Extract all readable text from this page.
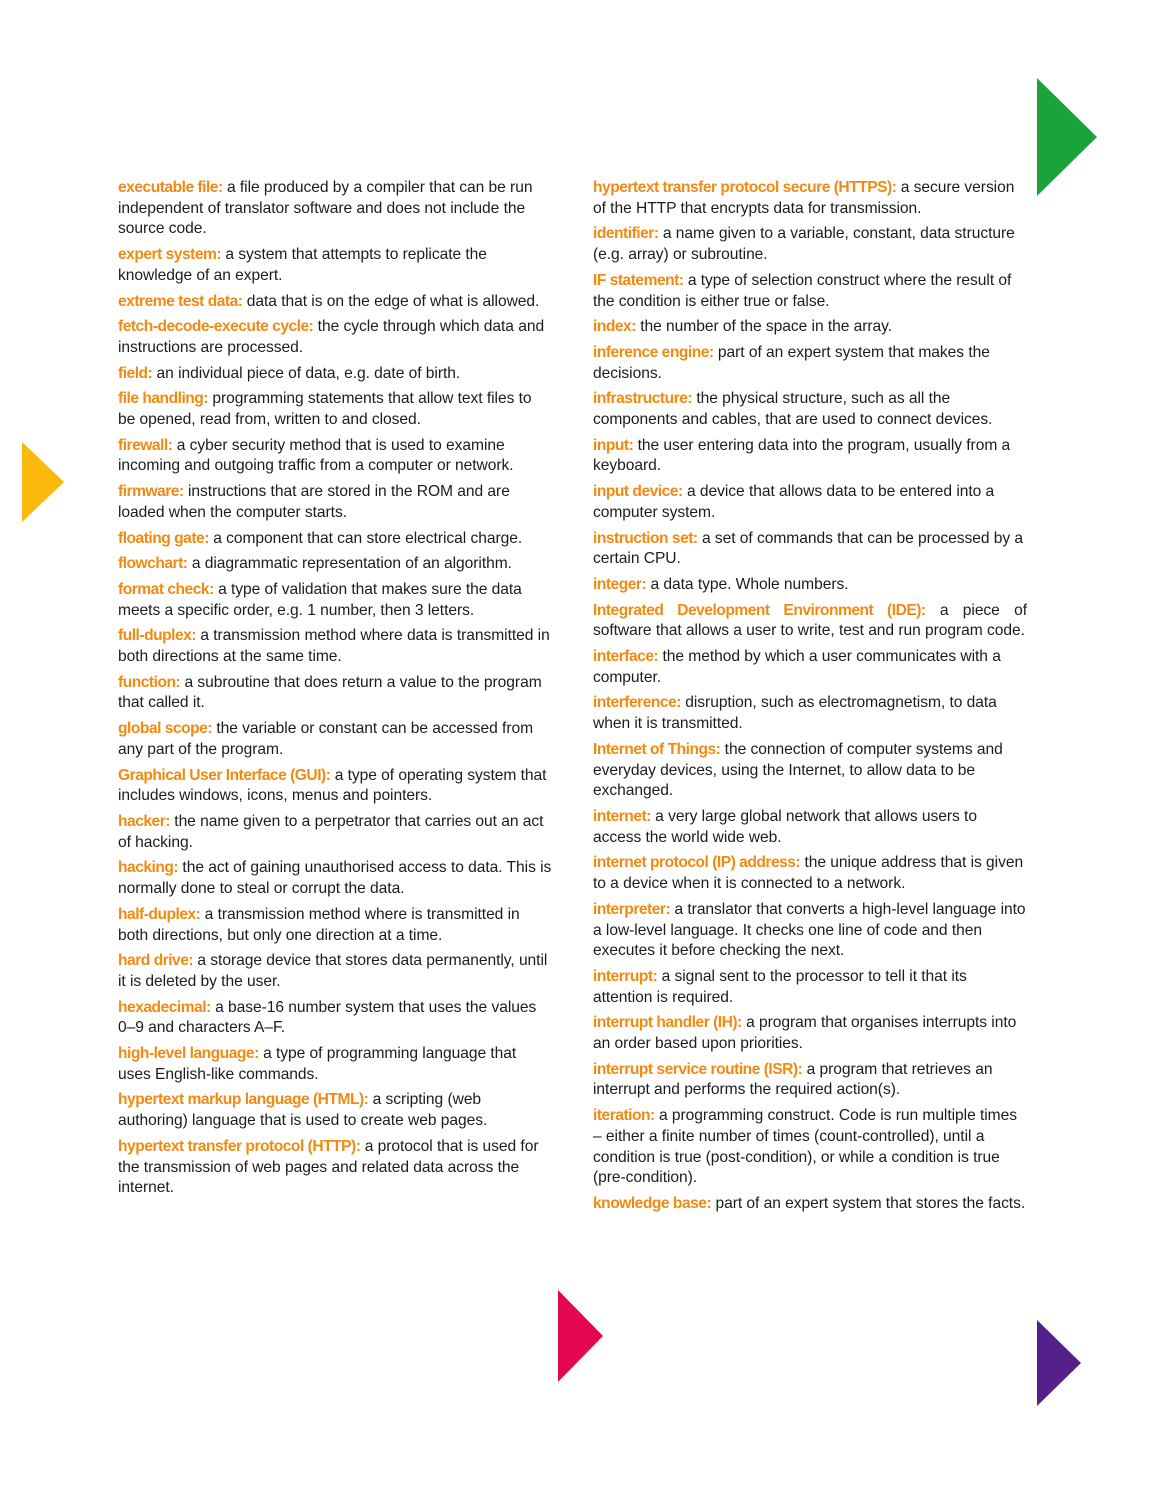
executable file: a file produced by a compiler that can be run independent of translator software and does not include the source code.

expert system: a system that attempts to replicate the knowledge of an expert.

extreme test data: data that is on the edge of what is allowed.

fetch-decode-execute cycle: the cycle through which data and instructions are processed.

field: an individual piece of data, e.g. date of birth.

file handling: programming statements that allow text files to be opened, read from, written to and closed.

firewall: a cyber security method that is used to examine incoming and outgoing traffic from a computer or network.

firmware: instructions that are stored in the ROM and are loaded when the computer starts.

floating gate: a component that can store electrical charge.

flowchart: a diagrammatic representation of an algorithm.

format check: a type of validation that makes sure the data meets a specific order, e.g. 1 number, then 3 letters.

full-duplex: a transmission method where data is transmitted in both directions at the same time.

function: a subroutine that does return a value to the program that called it.

global scope: the variable or constant can be accessed from any part of the program.

Graphical User Interface (GUI): a type of operating system that includes windows, icons, menus and pointers.

hacker: the name given to a perpetrator that carries out an act of hacking.

hacking: the act of gaining unauthorised access to data. This is normally done to steal or corrupt the data.

half-duplex: a transmission method where is transmitted in both directions, but only one direction at a time.

hard drive: a storage device that stores data permanently, until it is deleted by the user.

hexadecimal: a base-16 number system that uses the values 0–9 and characters A–F.

high-level language: a type of programming language that uses English-like commands.

hypertext markup language (HTML): a scripting (web authoring) language that is used to create web pages.

hypertext transfer protocol (HTTP): a protocol that is used for the transmission of web pages and related data across the internet.

hypertext transfer protocol secure (HTTPS): a secure version of the HTTP that encrypts data for transmission.

identifier: a name given to a variable, constant, data structure (e.g. array) or subroutine.

IF statement: a type of selection construct where the result of the condition is either true or false.

index: the number of the space in the array.

inference engine: part of an expert system that makes the decisions.

infrastructure: the physical structure, such as all the components and cables, that are used to connect devices.

input: the user entering data into the program, usually from a keyboard.

input device: a device that allows data to be entered into a computer system.

instruction set: a set of commands that can be processed by a certain CPU.

integer: a data type. Whole numbers.

Integrated Development Environment (IDE): a piece of software that allows a user to write, test and run program code.

interface: the method by which a user communicates with a computer.

interference: disruption, such as electromagnetism, to data when it is transmitted.

Internet of Things: the connection of computer systems and everyday devices, using the Internet, to allow data to be exchanged.

internet: a very large global network that allows users to access the world wide web.

internet protocol (IP) address: the unique address that is given to a device when it is connected to a network.

interpreter: a translator that converts a high-level language into a low-level language. It checks one line of code and then executes it before checking the next.

interrupt: a signal sent to the processor to tell it that its attention is required.

interrupt handler (IH): a program that organises interrupts into an order based upon priorities.

interrupt service routine (ISR): a program that retrieves an interrupt and performs the required action(s).

iteration: a programming construct. Code is run multiple times – either a finite number of times (count-controlled), until a condition is true (post-condition), or while a condition is true (pre-condition).

knowledge base: part of an expert system that stores the facts.
